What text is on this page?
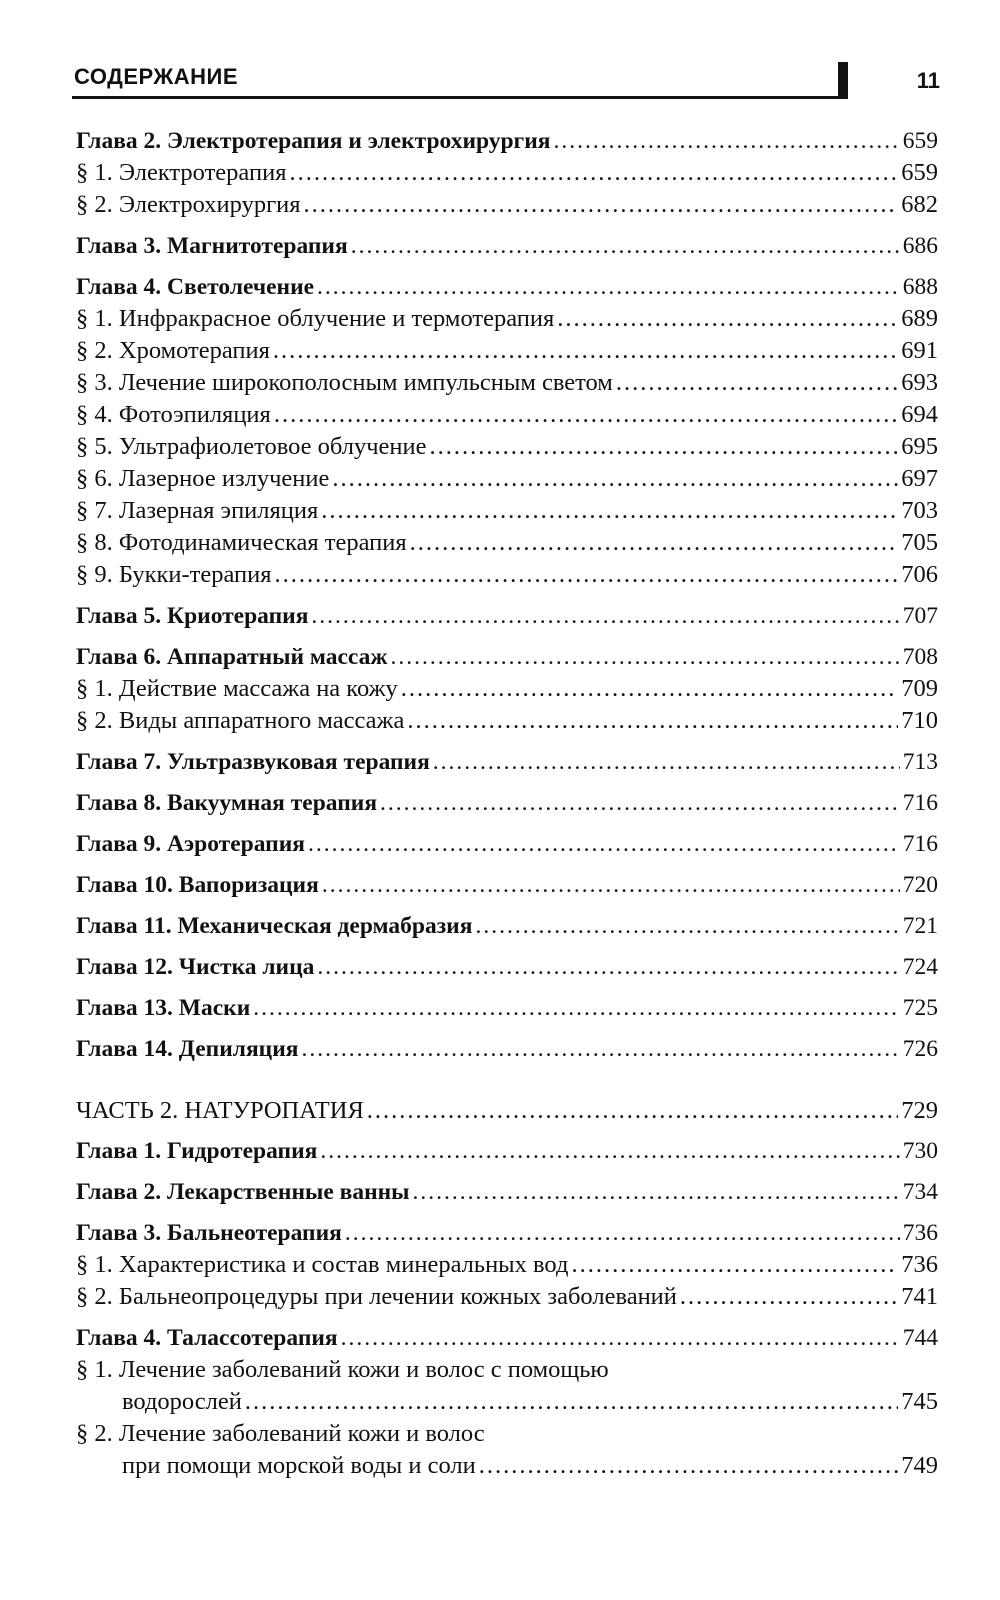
СОДЕРЖАНИЕ	11
Глава 2. Электротерапия и электрохирургия .....	659
§ 1. Электротерапия .....	659
§ 2. Электрохирургия .....	682
Глава 3. Магнитотерапия .....	686
Глава 4. Светолечение .....	688
§ 1. Инфракрасное облучение и термотерапия .....	689
§ 2. Хромотерапия .....	691
§ 3. Лечение широкополосным импульсным светом .....	693
§ 4. Фотоэпиляция .....	694
§ 5. Ультрафиолетовое облучение .....	695
§ 6. Лазерное излучение .....	697
§ 7. Лазерная эпиляция .....	703
§ 8. Фотодинамическая терапия .....	705
§ 9. Букки-терапия .....	706
Глава 5. Криотерапия .....	707
Глава 6. Аппаратный массаж .....	708
§ 1. Действие массажа на кожу .....	709
§ 2. Виды аппаратного массажа .....	710
Глава 7. Ультразвуковая терапия .....	713
Глава 8. Вакуумная терапия .....	716
Глава 9. Аэротерапия .....	716
Глава 10. Вапоризация .....	720
Глава 11. Механическая дермабразия .....	721
Глава 12. Чистка лица .....	724
Глава 13. Маски .....	725
Глава 14. Депиляция .....	726
ЧАСТЬ 2. НАТУРОПАТИЯ .....	729
Глава 1. Гидротерапия .....	730
Глава 2. Лекарственные ванны .....	734
Глава 3. Бальнеотерапия .....	736
§ 1. Характеристика и состав минеральных вод .....	736
§ 2. Бальнеопроцедуры при лечении кожных заболеваний .....	741
Глава 4. Талассотерапия .....	744
§ 1. Лечение заболеваний кожи и волос с помощью
водорослей .....	745
§ 2. Лечение заболеваний кожи и волос
при помощи морской воды и соли .....	749
